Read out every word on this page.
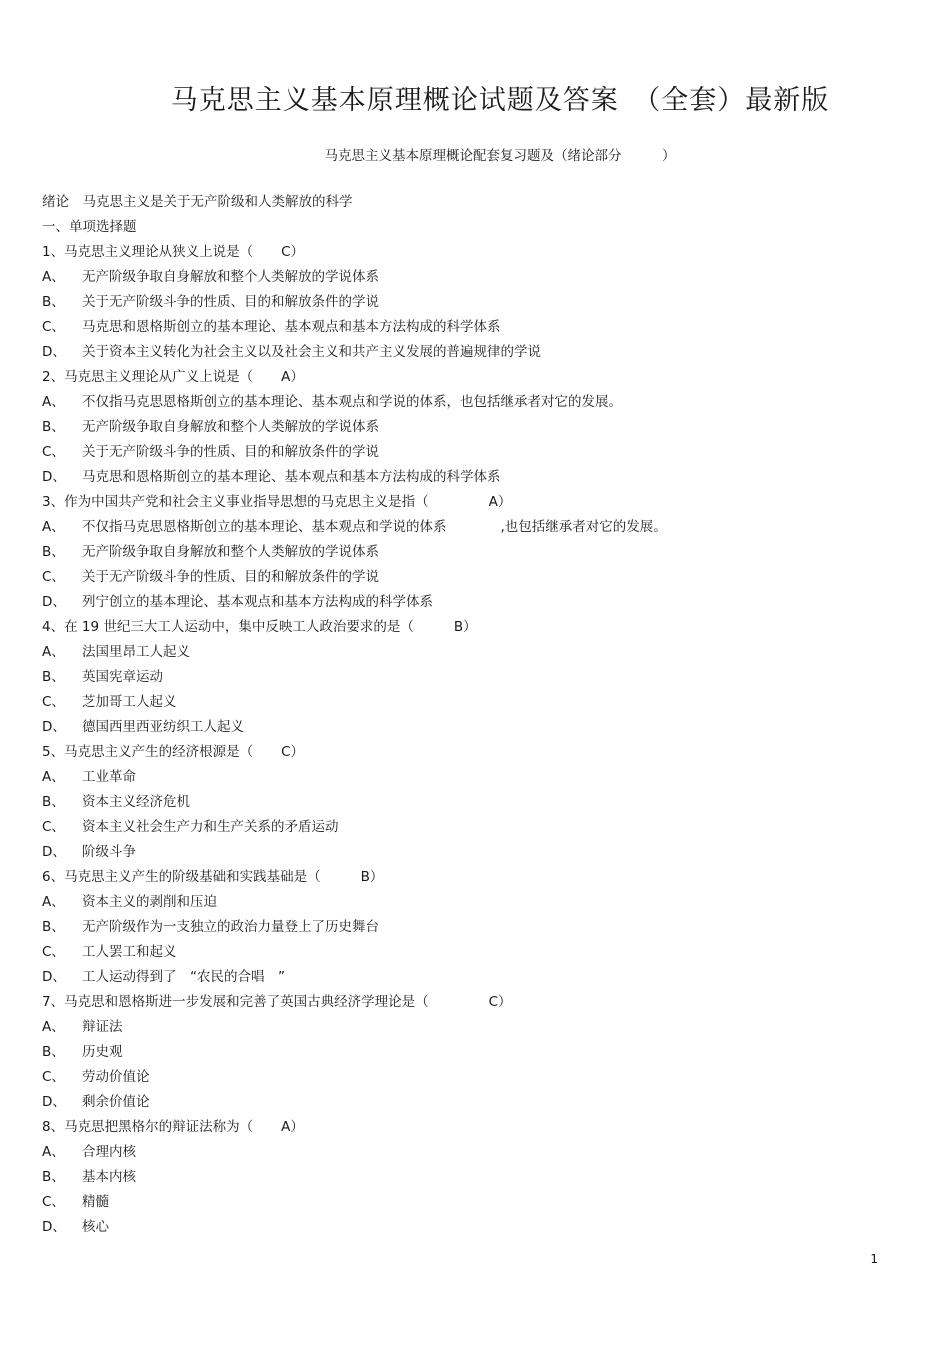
马克思主义基本原理概论试题及答案　（全套）最新版
马克思主义基本原理概论配套复习题及（绪论部分　　　）
绪论　马克思主义是关于无产阶级和人类解放的科学
一、单项选择题
1、马克思主义理论从狭义上说是（ C）
A、 无产阶级争取自身解放和整个人类解放的学说体系
B、 关于无产阶级斗争的性质、目的和解放条件的学说
C、 马克思和恩格斯创立的基本理论、基本观点和基本方法构成的科学体系
D、 关于资本主义转化为社会主义以及社会主义和共产主义发展的普遍规律的学说
2、马克思主义理论从广义上说是（ A）
A、 不仅指马克思恩格斯创立的基本理论、基本观点和学说的体系，也包括继承者对它的发展。
B、 无产阶级争取自身解放和整个人类解放的学说体系
C、 关于无产阶级斗争的性质、目的和解放条件的学说
D、 马克思和恩格斯创立的基本理论、基本观点和基本方法构成的科学体系
3、作为中国共产党和社会主义事业指导思想的马克思主义是指（	A）
A、 不仅指马克思恩格斯创立的基本理论、基本观点和学说的体系　　　　,也包括继承者对它的发展。
B、 无产阶级争取自身解放和整个人类解放的学说体系
C、 关于无产阶级斗争的性质、目的和解放条件的学说
D、 列宁创立的基本理论、基本观点和基本方法构成的科学体系
4、在 19 世纪三大工人运动中，集中反映工人政治要求的是（	B）
A、 法国里昂工人起义
B、 英国宪章运动
C、 芝加哥工人起义
D、 德国西里西亚纺织工人起义
5、马克思主义产生的经济根源是（ C）
A、 工业革命
B、 资本主义经济危机
C、 资本主义社会生产力和生产关系的矛盾运动
D、 阶级斗争
6、马克思主义产生的阶级基础和实践基础是（	B）
A、 资本主义的剥削和压迫
B、 无产阶级作为一支独立的政治力量登上了历史舞台
C、 工人罢工和起义
D、 工人运动得到了　“农民的合唱　”
7、马克思和恩格斯进一步发展和完善了英国古典经济学理论是（	C）
A、 辩证法
B、 历史观
C、 劳动价值论
D、 剩余价值论
8、马克思把黑格尔的辩证法称为（ A）
A、 合理内核
B、 基本内核
C、 精髓
D、 核心
1
